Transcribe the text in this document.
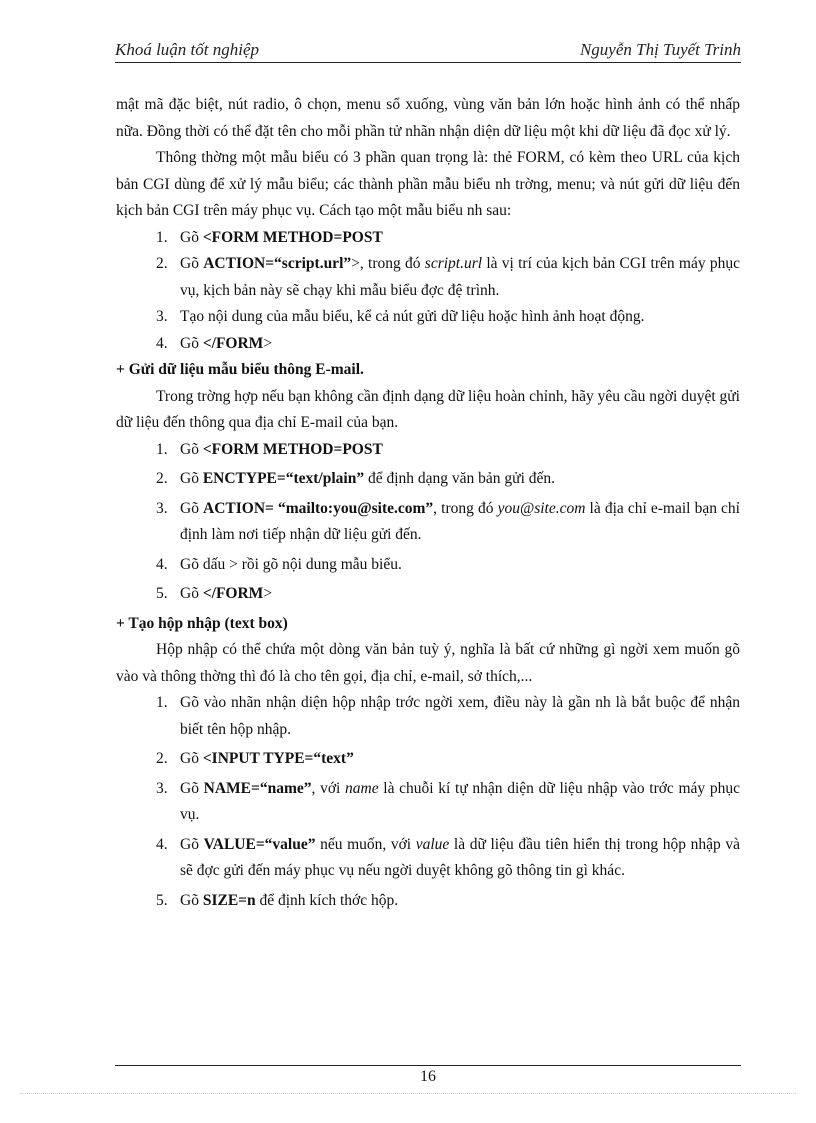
Khoá luận tốt nghiệp	Nguyễn Thị Tuyết Trinh

mật mã đặc biệt, nút radio, ô chọn, menu sổ xuống, vùng văn bản lớn hoặc hình ảnh có thể nhấp nữa. Đồng thời có thể đặt tên cho mỗi phần tử nhãn nhận diện dữ liệu một khi dữ liệu đã đọc xử lý.

Thông thờng một mẫu biểu có 3 phần quan trọng là: thẻ FORM, có kèm theo URL của kịch bản CGI dùng để xử lý mẫu biểu; các thành phần mẫu biểu nh trờng, menu; và nút gửi dữ liệu đến kịch bản CGI trên máy phục vụ. Cách tạo một mẫu biểu nh sau:

1. Gõ <FORM METHOD=POST
2. Gõ ACTION=“script.url”>, trong đó script.url là vị trí của kịch bản CGI trên máy phục vụ, kịch bản này sẽ chạy khi mẫu biểu đợc đệ trình.
3. Tạo nội dung của mẫu biểu, kể cả nút gửi dữ liệu hoặc hình ảnh hoạt động.
4. Gõ </FORM>

+ Gửi dữ liệu mẫu biểu thông E-mail.

Trong trờng hợp nếu bạn không cần định dạng dữ liệu hoàn chỉnh, hãy yêu cầu ngời duyệt gửi dữ liệu đến thông qua địa chỉ E-mail của bạn.

1. Gõ <FORM METHOD=POST
2. Gõ ENCTYPE=“text/plain” để định dạng văn bản gửi đến.
3. Gõ ACTION= “mailto:you@site.com”, trong đó you@site.com là địa chỉ e-mail bạn chỉ định làm nơi tiếp nhận dữ liệu gửi đến.
4. Gõ dấu > rồi gõ nội dung mẫu biểu.
5. Gõ </FORM>

+ Tạo hộp nhập (text box)

Hộp nhập có thể chứa một dòng văn bản tuỳ ý, nghĩa là bất cứ những gì ngời xem muốn gõ vào và thông thờng thì đó là cho tên gọi, địa chỉ, e-mail, sở thích,...

1. Gõ vào nhãn nhận diện hộp nhập trớc ngời xem, điều này là gần nh là bắt buộc để nhận biết tên hộp nhập.
2. Gõ <INPUT TYPE=“text”
3. Gõ NAME=“name”, với name là chuỗi kí tự nhận diện dữ liệu nhập vào trớc máy phục vụ.
4. Gõ VALUE=“value” nếu muốn, với value là dữ liệu đầu tiên hiển thị trong hộp nhập và sẽ đợc gửi đến máy phục vụ nếu ngời duyệt không gõ thông tin gì khác.
5. Gõ SIZE=n để định kích thớc hộp.
16
